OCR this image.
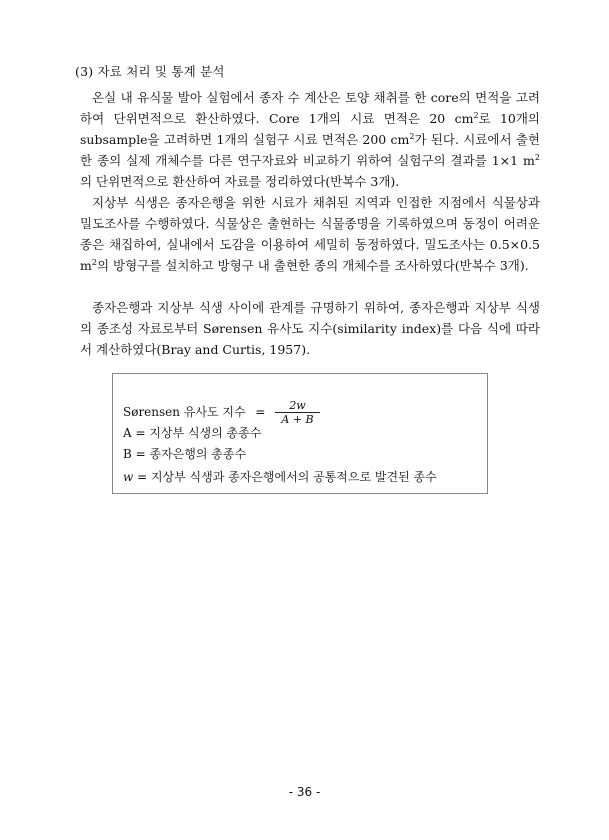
(3) 자료 처리 및 통계 분석
온실 내 유식물 발아 실험에서 종자 수 계산은 토양 채취를 한 core의 면적을 고려하여 단위면적으로 환산하였다. Core 1개의 시료 면적은 20 $cm^2$로 10개의 subsample을 고려하면 1개의 실험구 시료 면적은 200 $cm^2$가 된다. 시료에서 출현한 종의 실제 개체수를 다른 연구자료와 비교하기 위하여 실험구의 결과를 1×1 $m^2$의 단위면적으로 환산하여 자료를 정리하였다(반복수 3개).
지상부 식생은 종자은행을 위한 시료가 채취된 지역과 인접한 지점에서 식물상과 밀도조사를 수행하였다. 식물상은 출현하는 식물종명을 기록하였으며 동정이 어려운 종은 채집하여, 실내에서 도감을 이용하여 세밀히 동정하였다. 밀도조사는 0.5×0.5 $m^2$의 방형구를 설치하고 방형구 내 출현한 종의 개체수를 조사하였다(반복수 3개).
종자은행과 지상부 식생 사이에 관계를 규명하기 위하여, 종자은행과 지상부 식생의 종조성 자료로부터 Sørensen 유사도 지수(similarity index)를 다음 식에 따라서 계산하였다(Bray and Curtis, 1957).
Sørensen 유사도 지수 = $\frac{2w}{A + B}$
A = 지상부 식생의 총종수
B = 종자은행의 총종수
w = 지상부 식생과 종자은행에서의 공통적으로 발견된 종수
- 36 -
